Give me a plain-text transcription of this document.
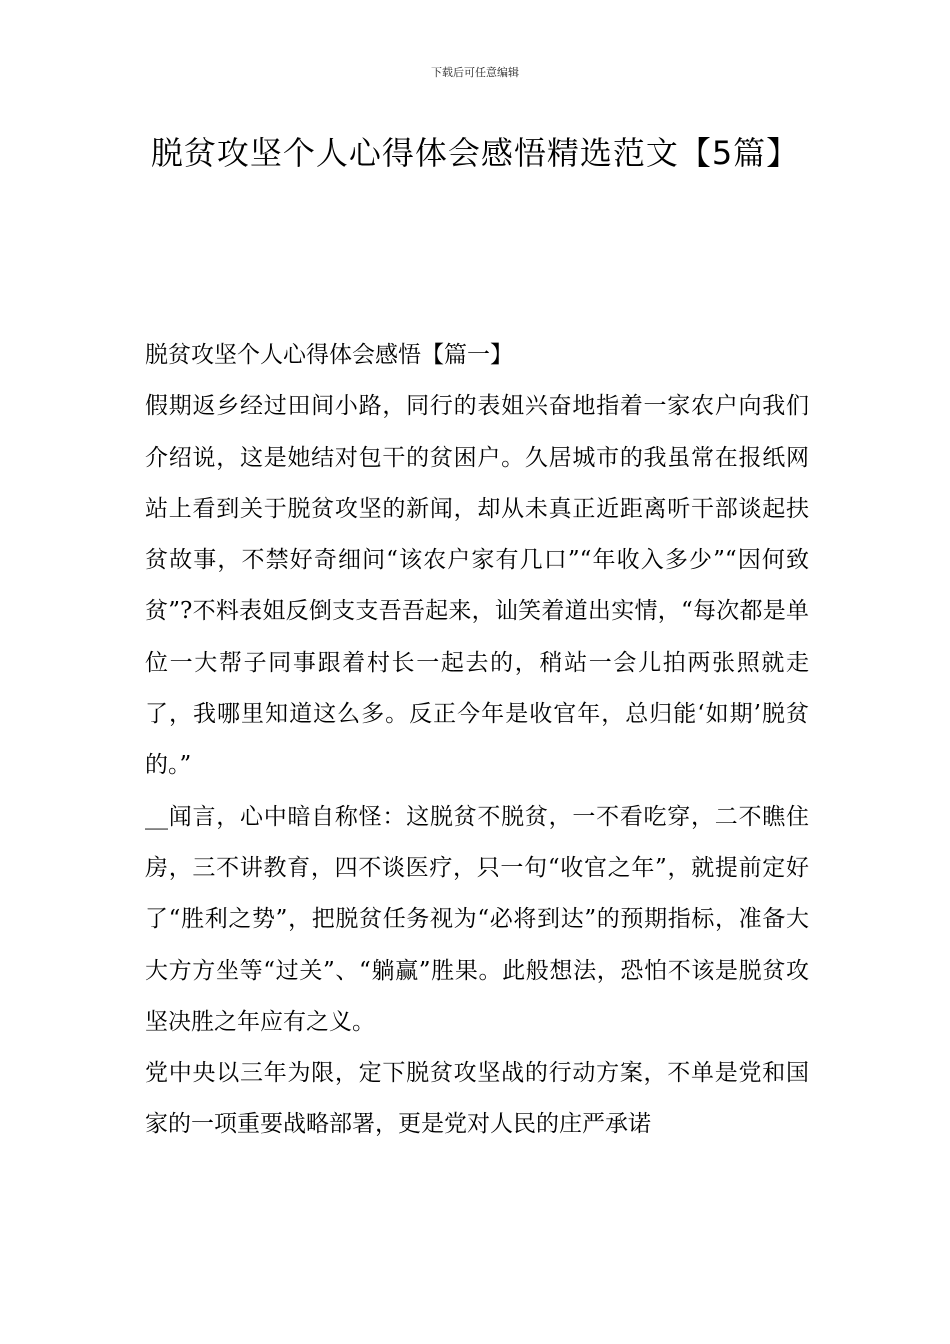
下载后可任意编辑
脱贫攻坚个人心得体会感悟精选范文【5篇】

脱贫攻坚个人心得体会感悟【篇一】

假期返乡经过田间小路，同行的表姐兴奋地指着一家农户向我们介绍说，这是她结对包干的贫困户。久居城市的我虽常在报纸网站上看到关于脱贫攻坚的新闻，却从未真正近距离听干部谈起扶贫故事，不禁好奇细问“该农户家有几口”“年收入多少”“因何致贫”?不料表姐反倒支支吾吾起来，讪笑着道出实情，“每次都是单位一大帮子同事跟着村长一起去的，稍站一会儿拍两张照就走了，我哪里知道这么多。反正今年是收官年，总归能‘如期’脱贫的。”

__闻言，心中暗自称怪：这脱贫不脱贫，一不看吃穿，二不瞧住房，三不讲教育，四不谈医疗，只一句“收官之年”，就提前定好了“胜利之势”，把脱贫任务视为“必将到达”的预期指标，准备大大方方坐等“过关”、“躺赢”胜果。此般想法，恐怕不该是脱贫攻坚决胜之年应有之义。

党中央以三年为限，定下脱贫攻坚战的行动方案，不单是党和国家的一项重要战略部署，更是党对人民的庄严承诺
